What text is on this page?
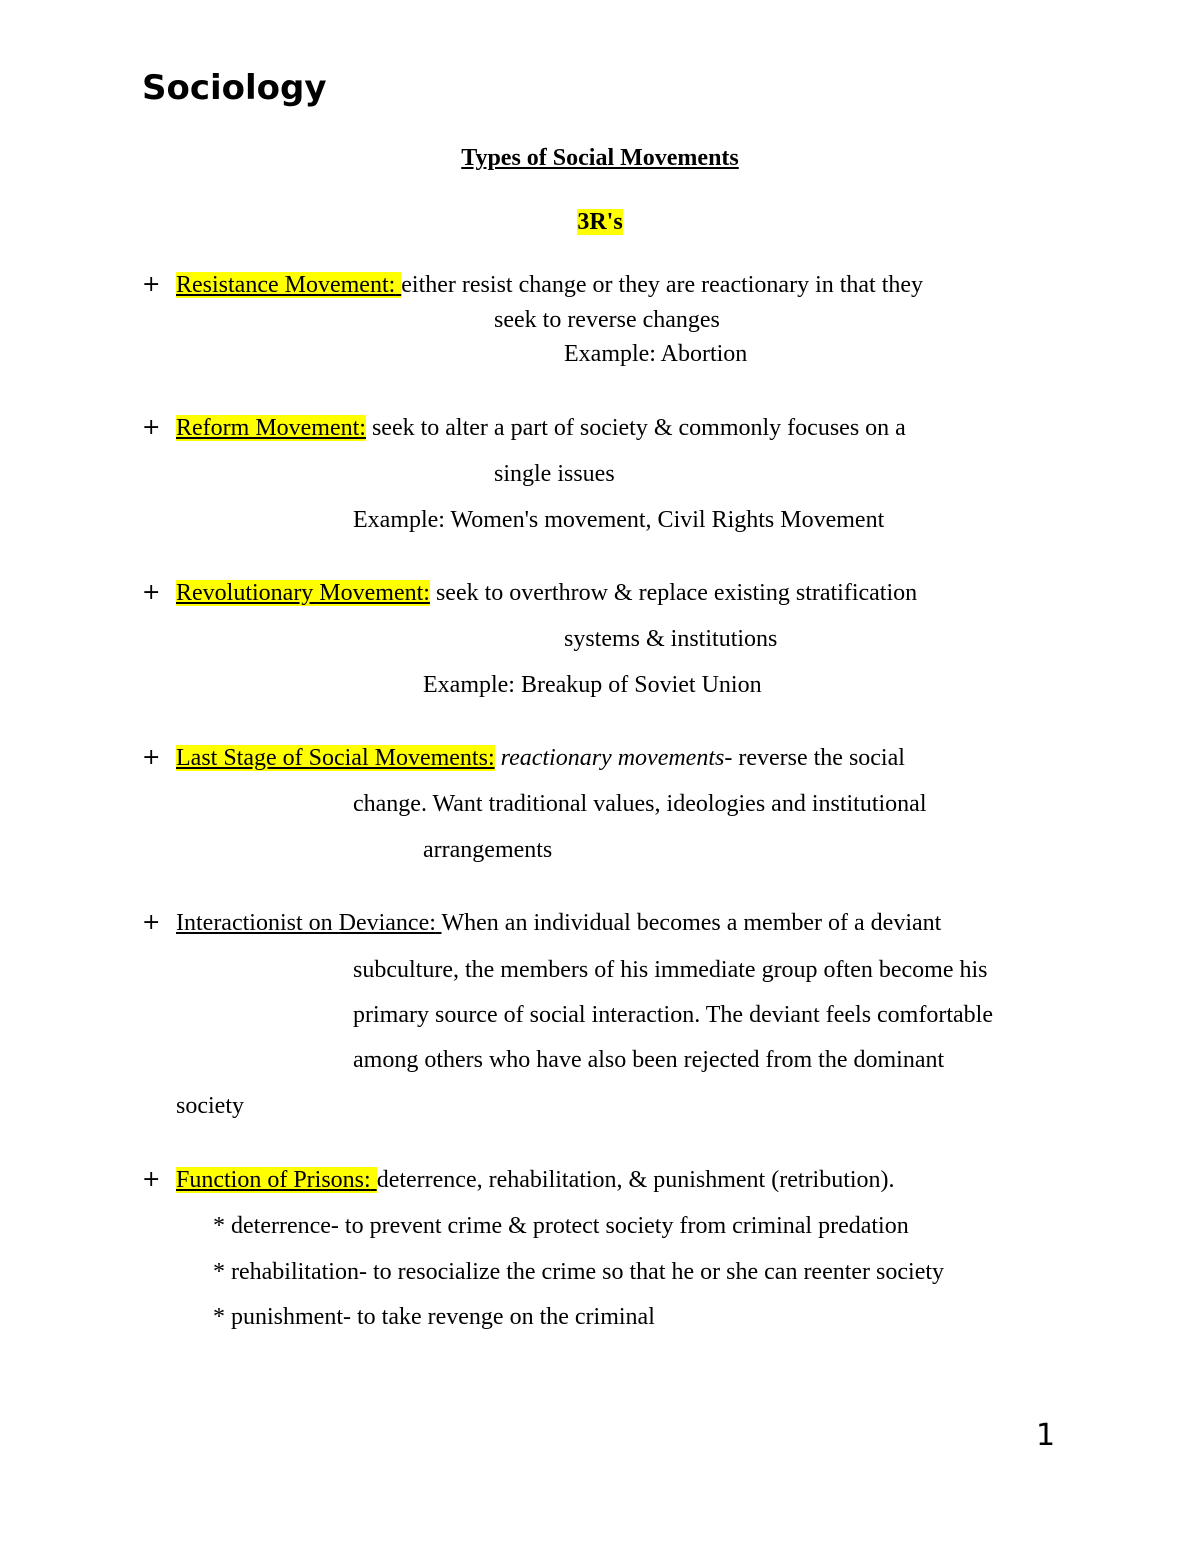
Sociology
Types of Social Movements
3R's
+ Resistance Movement: either resist change or they are reactionary in that they
seek to reverse changes
Example: Abortion
+ Reform Movement: seek to alter a part of society & commonly focuses on a
single issues
Example: Women's movement, Civil Rights Movement
+ Revolutionary Movement: seek to overthrow & replace existing stratification
systems & institutions
Example: Breakup of Soviet Union
+ Last Stage of Social Movements: reactionary movements- reverse the social
change. Want traditional values, ideologies and institutional
arrangements
+ Interactionist on Deviance: When an individual becomes a member of a deviant
subculture, the members of his immediate group often become his
primary source of social interaction. The deviant feels comfortable
among others who have also been rejected from the dominant
society
+ Function of Prisons: deterrence, rehabilitation, & punishment (retribution).
* deterrence- to prevent crime & protect society from criminal predation
* rehabilitation- to resocialize the crime so that he or she can reenter society
* punishment- to take revenge on the criminal
1
